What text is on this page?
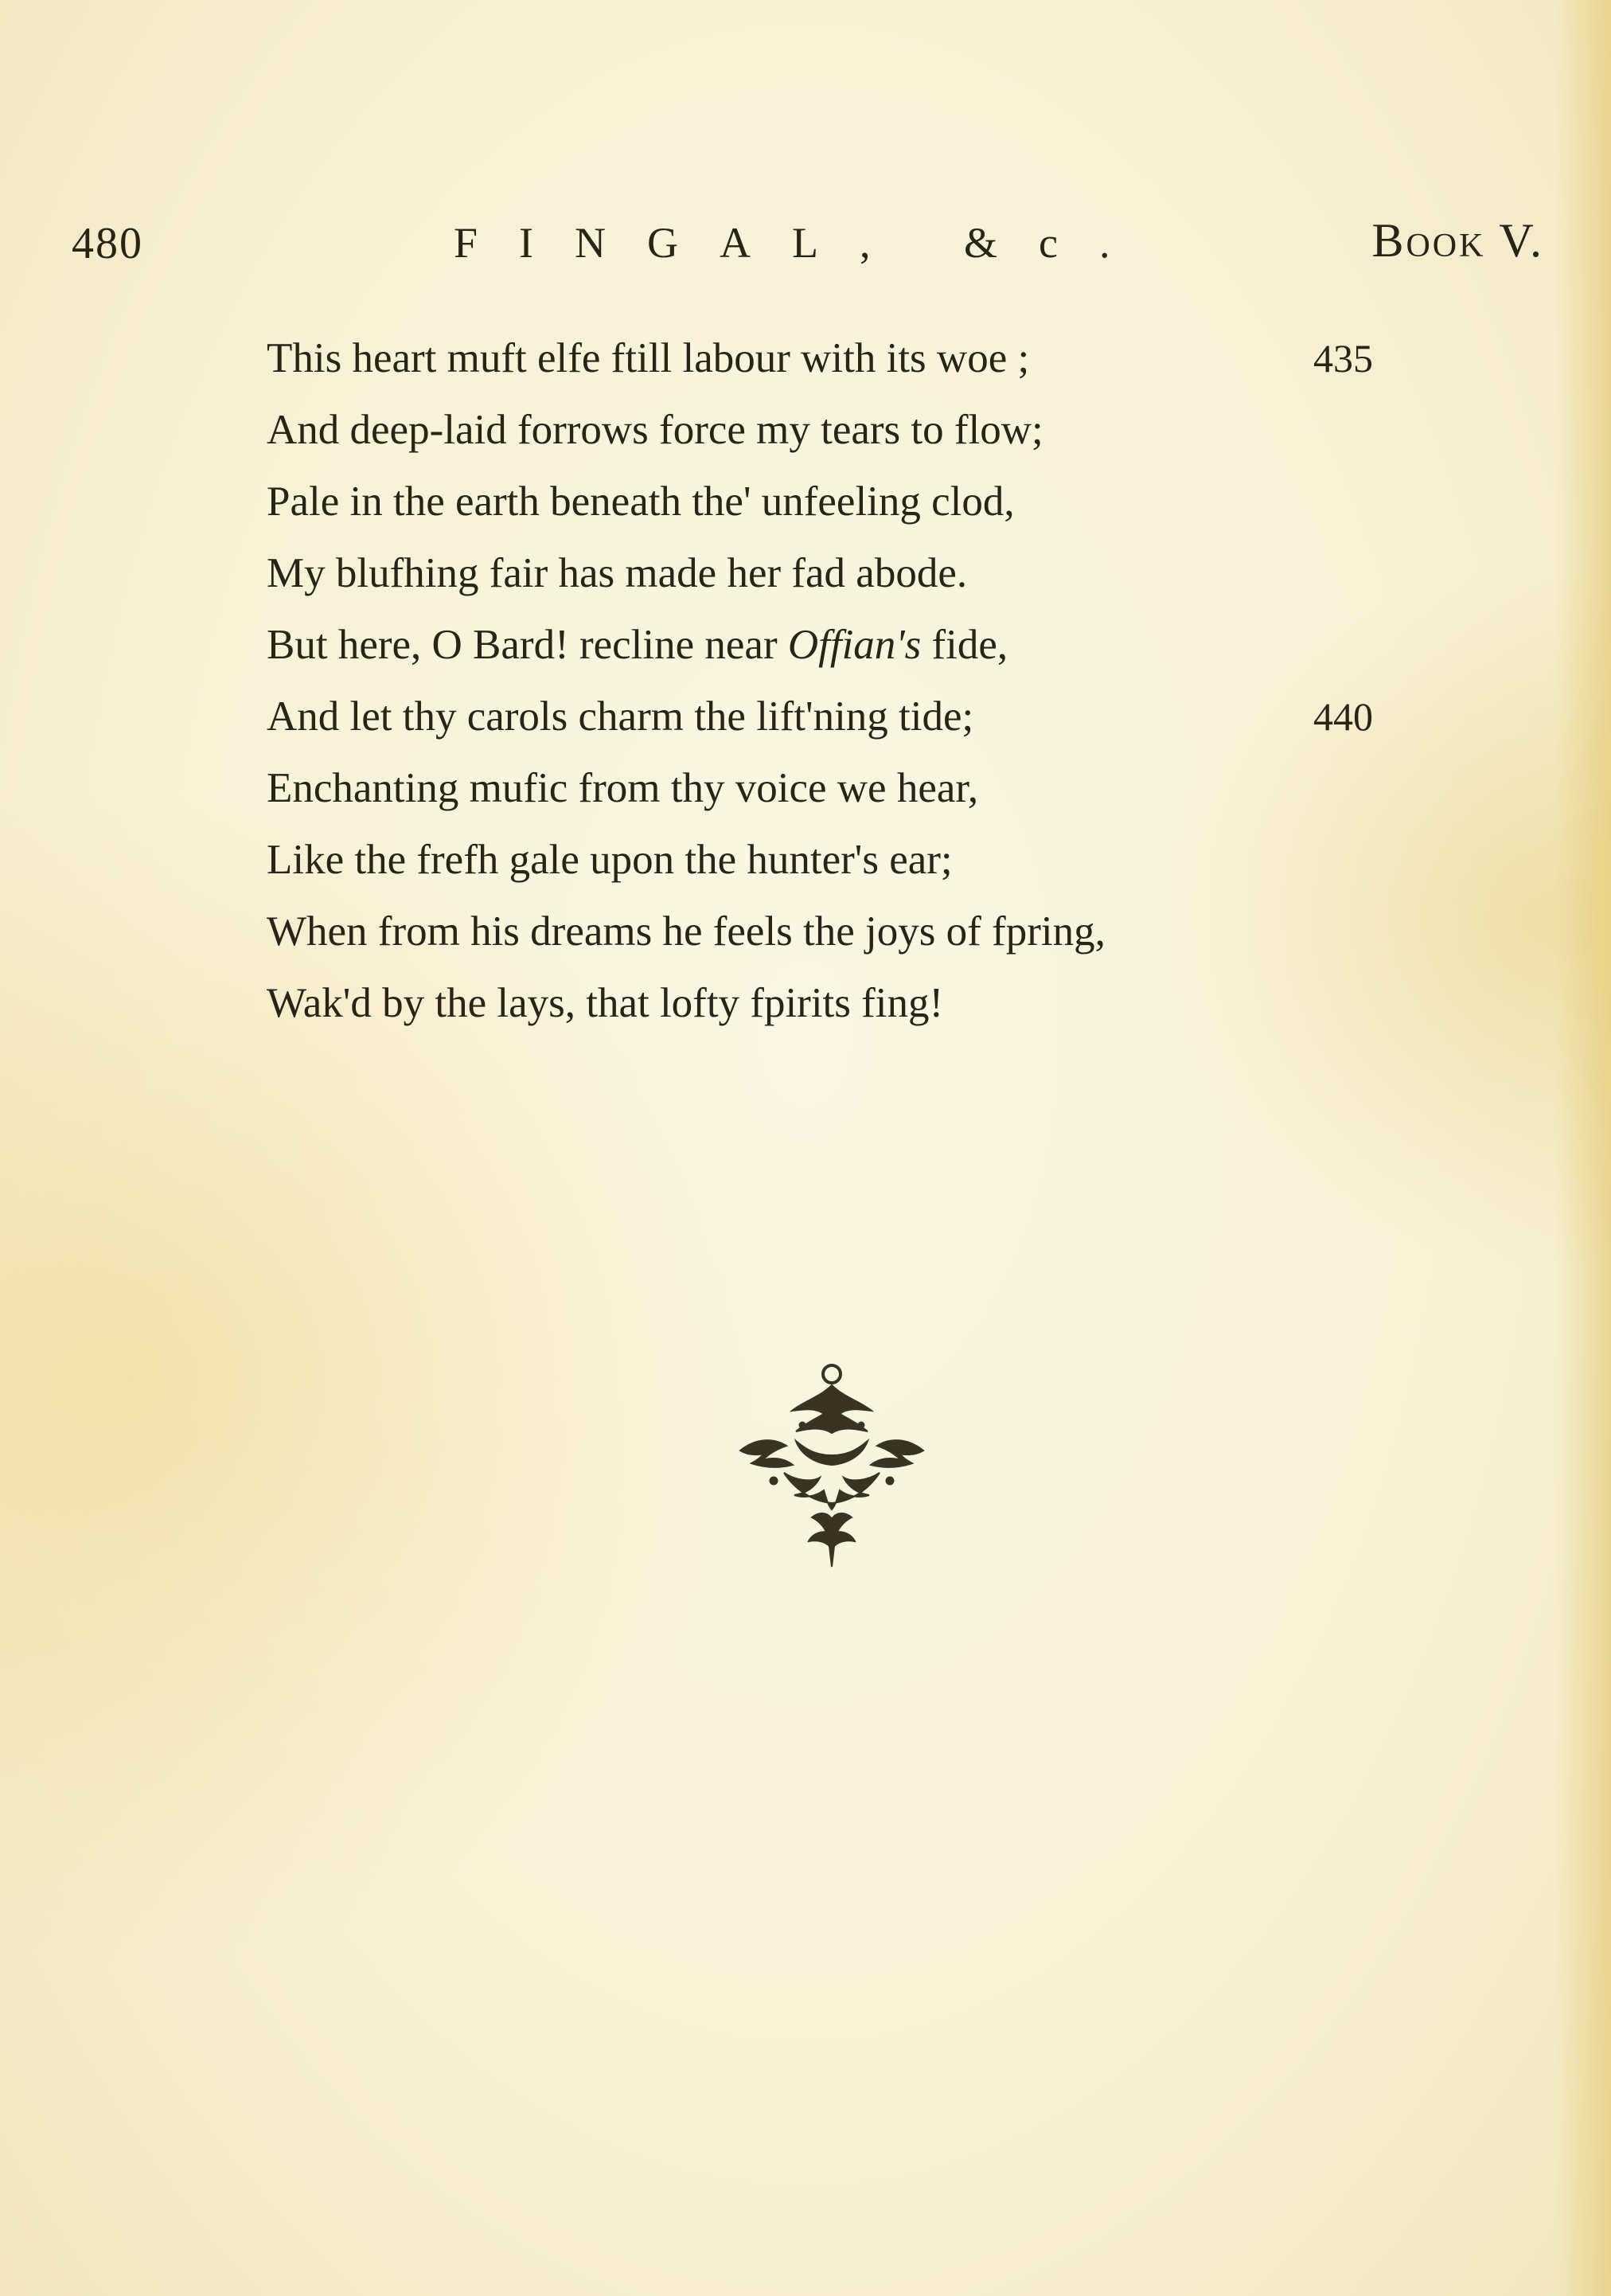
480	FINGAL, &c.	Book V.
This heart muft elfe ftill labour with its woe ;	435
And deep-laid forrows force my tears to flow;
Pale in the earth beneath the' unfeeling clod,
My blufhing fair has made her fad abode.
But here, O Bard! recline near Offian's fide,
And let thy carols charm the lift'ning tide;	440
Enchanting mufic from thy voice we hear,
Like the frefh gale upon the hunter's ear;
When from his dreams he feels the joys of fpring,
Wak'd by the lays, that lofty fpirits fing!
